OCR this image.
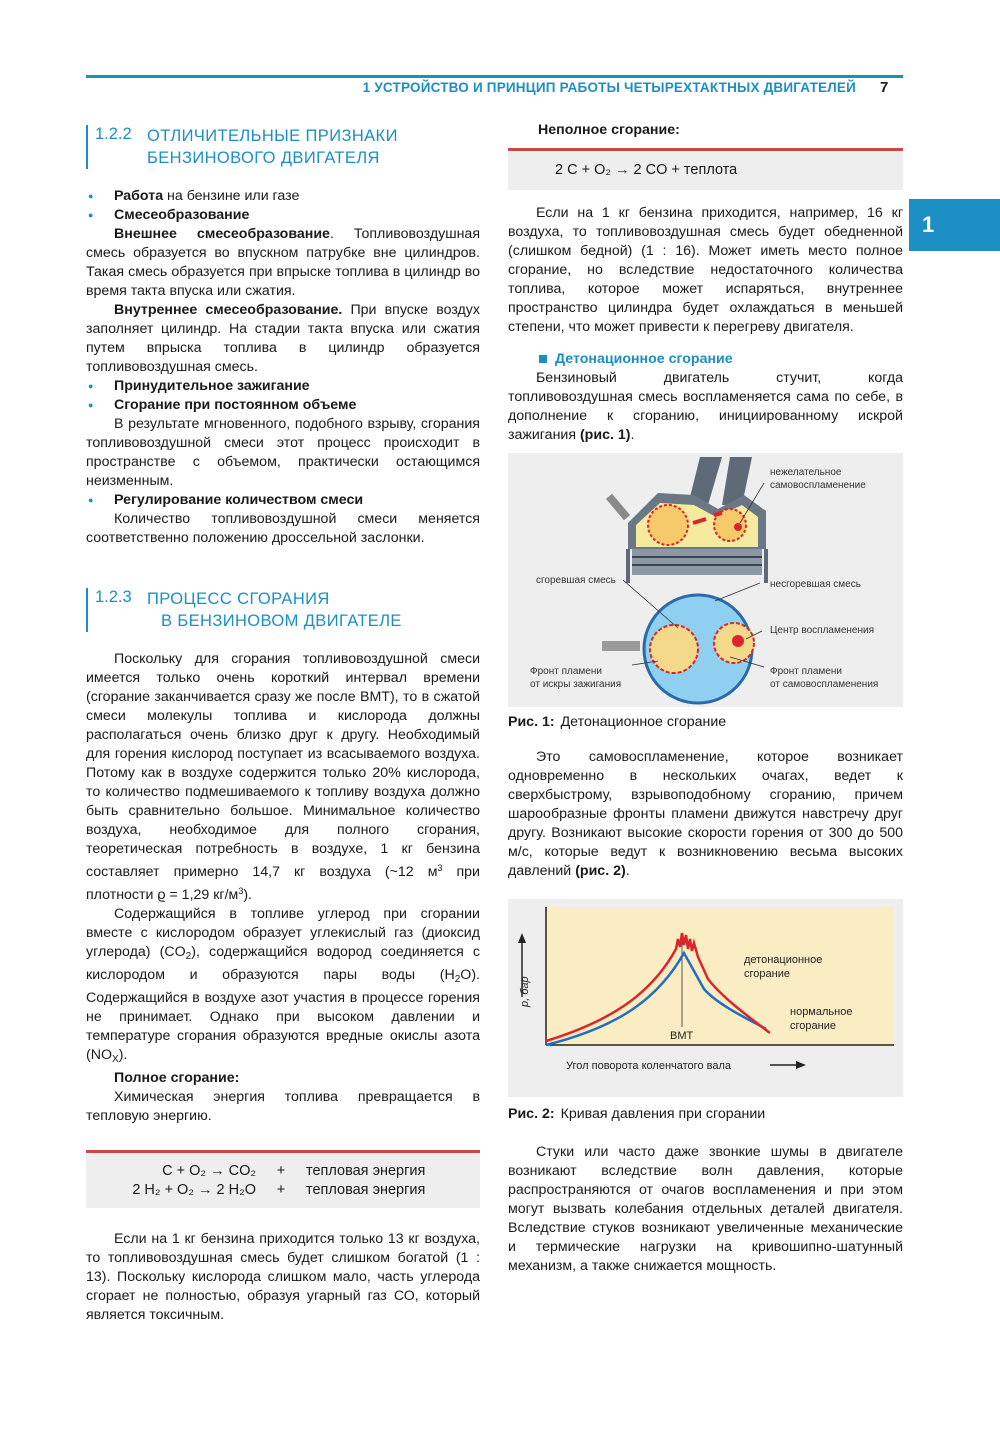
1 УСТРОЙСТВО И ПРИНЦИП РАБОТЫ ЧЕТЫРЕХТАКТНЫХ ДВИГАТЕЛЕЙ 7
1
1.2.2 ОТЛИЧИТЕЛЬНЫЕ ПРИЗНАКИ
БЕНЗИНОВОГО ДВИГАТЕЛЯ

● Работа на бензине или газе

● Смесеобразование

Внешнее смесеобразование. Топливовоздушная смесь образуется во впускном патрубке вне цилиндров. Такая смесь образуется при впрыске топлива в цилиндр во время такта впуска или сжатия.

Внутреннее смесеобразование. При впуске воздух заполняет цилиндр. На стадии такта впуска или сжатия путем впрыска топлива в цилиндр образуется топливовоздушная смесь.

● Принудительное зажигание

● Сгорание при постоянном объеме

В результате мгновенного, подобного взрыву, сгорания топливовоздушной смеси этот процесс происходит в пространстве с объемом, практически остающимся неизменным.

● Регулирование количеством смеси

Количество топливовоздушной смеси меняется соответственно положению дроссельной заслонки.

1.2.3 ПРОЦЕСС СГОРАНИЯ
В БЕНЗИНОВОМ ДВИГАТЕЛЕ

Поскольку для сгорания топливовоздушной смеси имеется только очень короткий интервал времени (сгорание заканчивается сразу же после ВМТ), то в сжатой смеси молекулы топлива и кислорода должны располагаться очень близко друг к другу. Необходимый для горения кислород поступает из всасываемого воздуха. Потому как в воздухе содержится только 20% кислорода, то количество подмешиваемого к топливу воздуха должно быть сравнительно большое. Минимальное количество воздуха, необходимое для полного сгорания, теоретическая потребность в воздухе, 1 кг бензина составляет примерно 14,7 кг воздуха (~12 $м^3$ при плотности ϱ = 1,29 $кг/м^3$).

Содержащийся в топливе углерод при сгорании вместе с кислородом образует углекислый газ (диоксид углерода) $(CO_2)$, содержащийся водород соединяется с кислородом и образуются пары воды $(H_2O)$. Содержащийся в воздухе азот участия в процессе горения не принимает. Однако при высоком давлении и температуре сгорания образуются вредные окислы азота $(NO_X)$.

Полное сгорание:

Химическая энергия топлива превращается в тепловую энергию.

C + O₂ → CO₂	+	тепловая энергия
2 H₂ + O₂ → 2 H₂O	+	тепловая энергия

Если на 1 кг бензина приходится только 13 кг воздуха, то топливовоздушная смесь будет слишком богатой (1 : 13). Поскольку кислорода слишком мало, часть углерода сгорает не полностью, образуя угарный газ СО, который является токсичным.

Неполное сгорание:

2 C + O₂ → 2 CO + теплота

Если на 1 кг бензина приходится, например, 16 кг воздуха, то топливовоздушная смесь будет обедненной (слишком бедной) (1 : 16). Может иметь место полное сгорание, но вследствие недостаточного количества топлива, которое может испаряться, внутреннее пространство цилиндра будет охлаждаться в меньшей степени, что может привести к перегреву двигателя.

Детонационное сгорание

Бензиновый двигатель стучит, когда топливовоздушная смесь воспламеняется сама по себе, в дополнение к сгоранию, инициированному искрой зажигания (рис. 1).

нежелательное
самовоспламенение
сгоревшая смесь	несгоревшая смесь
Центр воспламенения
Фронт пламени
от искры зажигания
Фронт пламени
от самовоспламенения

Рис. 1: Детонационное сгорание

Это самовоспламенение, которое возникает одновременно в нескольких очагах, ведет к сверхбыстрому, взрывоподобному сгоранию, причем шарообразные фронты пламени движутся навстречу друг другу. Возникают высокие скорости горения от 300 до 500 м/с, которые ведут к возникновению весьма высоких давлений (рис. 2).

p, бар
Угол поворота коленчатого вала
ВМТ
детонационное
сгорание
нормальное
сгорание

Рис. 2: Кривая давления при сгорании

Стуки или часто даже звонкие шумы в двигателе возникают вследствие волн давления, которые распространяются от очагов воспламенения и при этом могут вызвать колебания отдельных деталей двигателя. Вследствие стуков возникают увеличенные механические и термические нагрузки на кривошипно-шатунный механизм, а также снижается мощность.
